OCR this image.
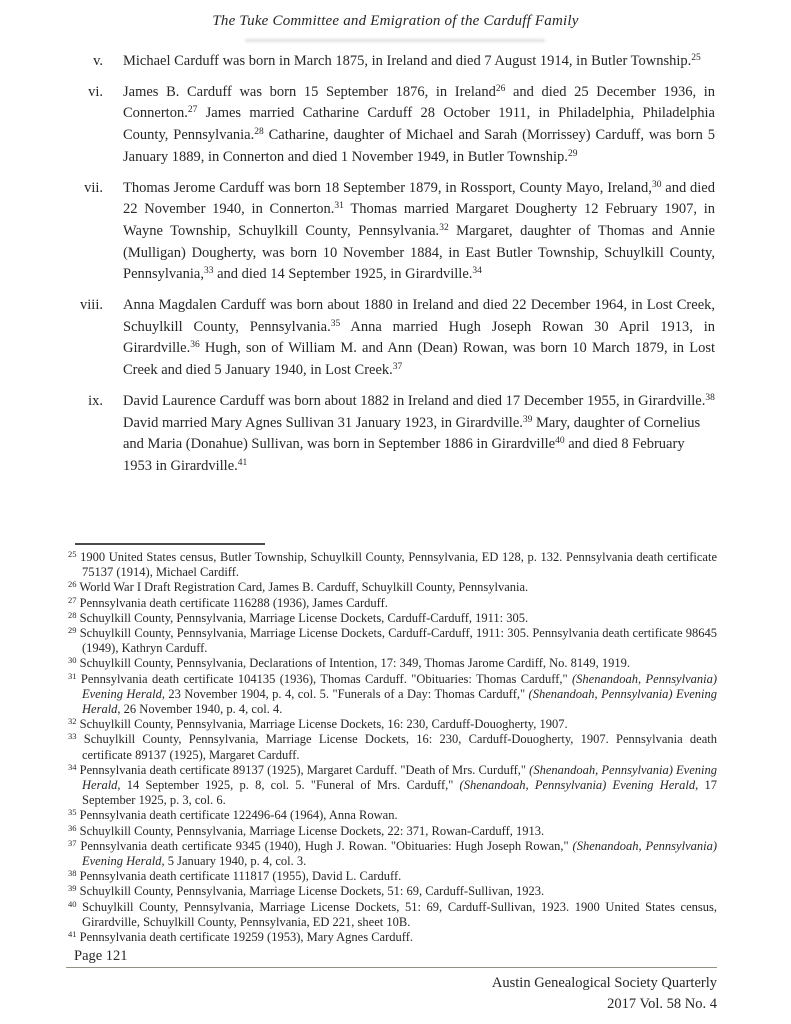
The Tuke Committee and Emigration of the Carduff Family
v. Michael Carduff was born in March 1875, in Ireland and died 7 August 1914, in Butler Township.$^{25}$
vi. James B. Carduff was born 15 September 1876, in Ireland$^{26}$ and died 25 December 1936, in Connerton.$^{27}$ James married Catharine Carduff 28 October 1911, in Philadelphia, Philadelphia County, Pennsylvania.$^{28}$ Catharine, daughter of Michael and Sarah (Morrissey) Carduff, was born 5 January 1889, in Connerton and died 1 November 1949, in Butler Township.$^{29}$
vii. Thomas Jerome Carduff was born 18 September 1879, in Rossport, County Mayo, Ireland,$^{30}$ and died 22 November 1940, in Connerton.$^{31}$ Thomas married Margaret Dougherty 12 February 1907, in Wayne Township, Schuylkill County, Pennsylvania.$^{32}$ Margaret, daughter of Thomas and Annie (Mulligan) Dougherty, was born 10 November 1884, in East Butler Township, Schuylkill County, Pennsylvania,$^{33}$ and died 14 September 1925, in Girardville.$^{34}$
viii. Anna Magdalen Carduff was born about 1880 in Ireland and died 22 December 1964, in Lost Creek, Schuylkill County, Pennsylvania.$^{35}$ Anna married Hugh Joseph Rowan 30 April 1913, in Girardville.$^{36}$ Hugh, son of William M. and Ann (Dean) Rowan, was born 10 March 1879, in Lost Creek and died 5 January 1940, in Lost Creek.$^{37}$
ix. David Laurence Carduff was born about 1882 in Ireland and died 17 December 1955, in Girardville.$^{38}$ David married Mary Agnes Sullivan 31 January 1923, in Girardville.$^{39}$ Mary, daughter of Cornelius and Maria (Donahue) Sullivan, was born in September 1886 in Girardville$^{40}$ and died 8 February 1953 in Girardville.$^{41}$

$^{25}$ 1900 United States census, Butler Township, Schuylkill County, Pennsylvania, ED 128, p. 132. Pennsylvania death certificate 75137 (1914), Michael Cardiff.

$^{26}$ World War I Draft Registration Card, James B. Carduff, Schuylkill County, Pennsylvania.

$^{27}$ Pennsylvania death certificate 116288 (1936), James Carduff.

$^{28}$ Schuylkill County, Pennsylvania, Marriage License Dockets, Carduff-Carduff, 1911: 305.

$^{29}$ Schuylkill County, Pennsylvania, Marriage License Dockets, Carduff-Carduff, 1911: 305. Pennsylvania death certificate 98645 (1949), Kathryn Carduff.

$^{30}$ Schuylkill County, Pennsylvania, Declarations of Intention, 17: 349, Thomas Jarome Cardiff, No. 8149, 1919.

$^{31}$ Pennsylvania death certificate 104135 (1936), Thomas Carduff. "Obituaries: Thomas Carduff," (Shenandoah, Pennsylvania) Evening Herald, 23 November 1904, p. 4, col. 5. "Funerals of a Day: Thomas Carduff," (Shenandoah, Pennsylvania) Evening Herald, 26 November 1940, p. 4, col. 4.

$^{32}$ Schuylkill County, Pennsylvania, Marriage License Dockets, 16: 230, Carduff-Douogherty, 1907.

$^{33}$ Schuylkill County, Pennsylvania, Marriage License Dockets, 16: 230, Carduff-Douogherty, 1907. Pennsylvania death certificate 89137 (1925), Margaret Carduff.

$^{34}$ Pennsylvania death certificate 89137 (1925), Margaret Carduff. "Death of Mrs. Curduff," (Shenandoah, Pennsylvania) Evening Herald, 14 September 1925, p. 8, col. 5. "Funeral of Mrs. Carduff," (Shenandoah, Pennsylvania) Evening Herald, 17 September 1925, p. 3, col. 6.

$^{35}$ Pennsylvania death certificate 122496-64 (1964), Anna Rowan.

$^{36}$ Schuylkill County, Pennsylvania, Marriage License Dockets, 22: 371, Rowan-Carduff, 1913.

$^{37}$ Pennsylvania death certificate 9345 (1940), Hugh J. Rowan. "Obituaries: Hugh Joseph Rowan," (Shenandoah, Pennsylvania) Evening Herald, 5 January 1940, p. 4, col. 3.

$^{38}$ Pennsylvania death certificate 111817 (1955), David L. Carduff.

$^{39}$ Schuylkill County, Pennsylvania, Marriage License Dockets, 51: 69, Carduff-Sullivan, 1923.

$^{40}$ Schuylkill County, Pennsylvania, Marriage License Dockets, 51: 69, Carduff-Sullivan, 1923. 1900 United States census, Girardville, Schuylkill County, Pennsylvania, ED 221, sheet 10B.

$^{41}$ Pennsylvania death certificate 19259 (1953), Mary Agnes Carduff.

Page 121
Austin Genealogical Society Quarterly
2017 Vol. 58 No. 4
